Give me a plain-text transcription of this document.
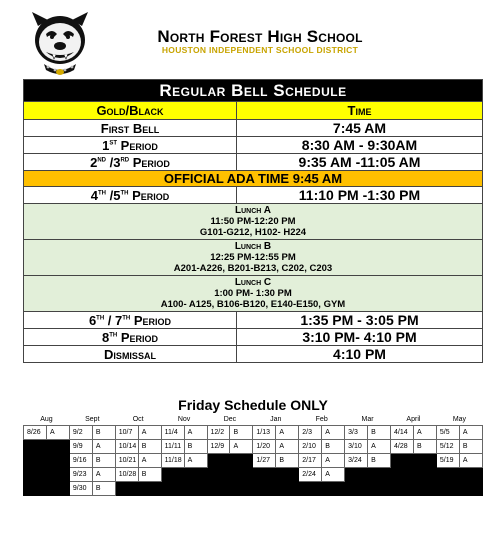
North Forest High School
HOUSTON INDEPENDENT SCHOOL DISTRICT
Regular Bell Schedule	
Gold/Black	Time
First Bell	7:45 AM
1st Period	8:30 AM - 9:30AM
2nd /3rd Period	9:35 AM -11:05 AM
OFFICIAL ADA TIME 9:45 AM	
4th /5th Period	11:10 PM -1:30 PM

Lunch A
11:50 PM-12:20 PM
G101-G212, H102- H224	

Lunch B
12:25 PM-12:55 PM
A201-A226, B201-B213, C202, C203	

Lunch C
1:00 PM- 1:30 PM
A100- A125, B106-B120, E140-E150, GYM	

6th / 7th Period	1:35 PM - 3:05 PM
8th Period	3:10 PM- 4:10 PM
Dismissal	4:10 PM
Friday Schedule ONLY
Aug		Sept		Oct		Nov		Dec		Jan		Feb		Mar		April		May	
8/26	A	9/2	B	10/7	A	11/4	A	12/2	B	1/13	A	2/3	A	3/3	B	4/14	A	5/5	A
		9/9	A	10/14	B	11/11	B	12/9	A	1/20	A	2/10	B	3/10	A	4/28	B	5/12	B
		9/16	B	10/21	A	11/18	A			1/27	B	2/17	A	3/24	B			5/19	A
		9/23	A	10/28	B							2/24	A						
		9/30	B																
